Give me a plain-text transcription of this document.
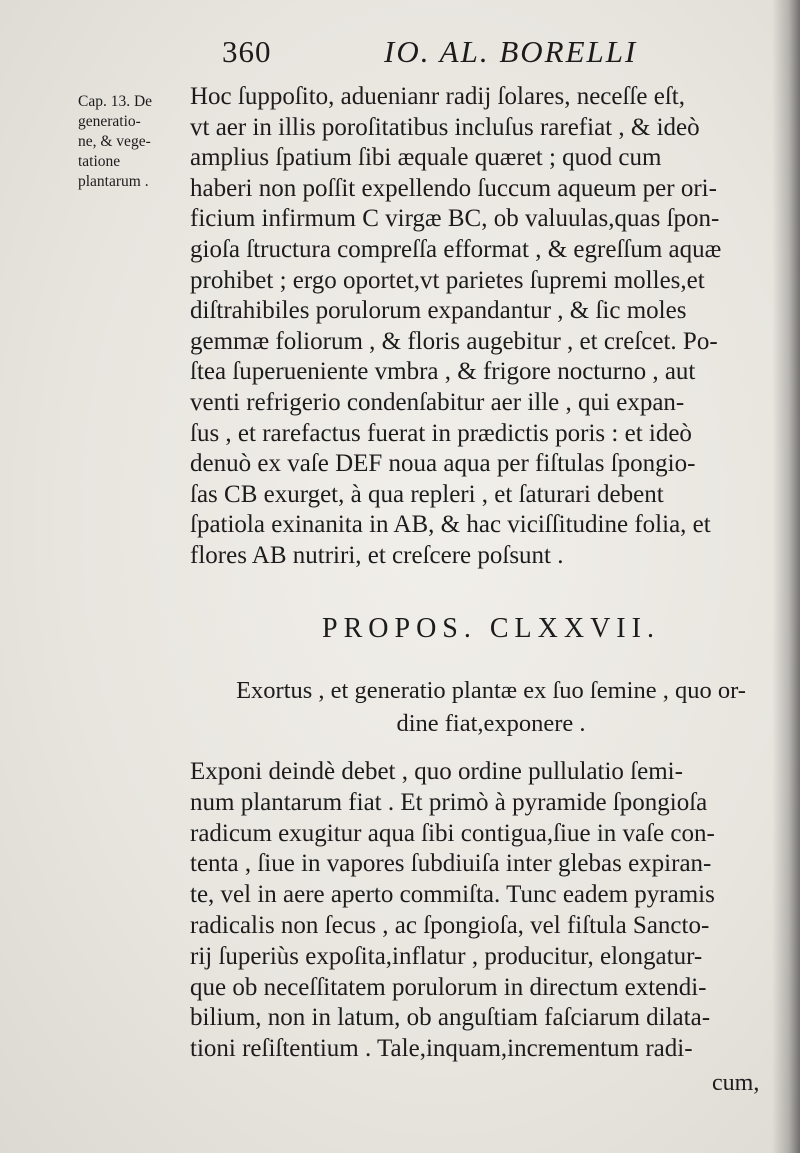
360	IO. AL. BORELLI
Cap. 13. De
generatio-
ne, & vege-
tatione
plantarum .
Hoc ſuppoſito, aduenianr radij ſolares, neceſſe eſt,
vt aer in illis poroſitatibus incluſus rarefiat , & ideò
amplius ſpatium ſibi æquale quæret ; quod cum
haberi non poſſit expellendo ſuccum aqueum per ori-
ficium infirmum C virgæ BC, ob valuulas,quas ſpon-
gioſa ſtructura compreſſa efformat , & egreſſum aquæ
prohibet ; ergo oportet,vt parietes ſupremi molles,et
diſtrahibiles porulorum expandantur , & ſic moles
gemmæ foliorum , & floris augebitur , et creſcet. Po-
ſtea ſuperueniente vmbra , & frigore nocturno , aut
venti refrigerio condenſabitur aer ille , qui expan-
ſus , et rarefactus fuerat in prædictis poris : et ideò
denuò ex vaſe DEF noua aqua per fiſtulas ſpongio-
ſas CB exurget, à qua repleri , et ſaturari debent
ſpatiola exinanita in AB, & hac viciſſitudine folia, et
flores AB nutriri, et creſcere poſsunt .
PROPOS. CLXXVII.
Exortus , et generatio plantæ ex ſuo ſemine , quo or-
dine fiat,exponere .
Exponi deindè debet , quo ordine pullulatio ſemi-
num plantarum fiat . Et primò à pyramide ſpongioſa
radicum exugitur aqua ſibi contigua,ſiue in vaſe con-
tenta , ſiue in vapores ſubdiuiſa inter glebas expiran-
te, vel in aere aperto commiſta. Tunc eadem pyramis
radicalis non ſecus , ac ſpongioſa, vel fiſtula Sancto-
rij ſuperiùs expoſita,inflatur , producitur, elongatur-
que ob neceſſitatem porulorum in directum extendi-
bilium, non in latum, ob anguſtiam faſciarum dilata-
tioni reſiſtentium . Tale,inquam,incrementum radi-
cum,
